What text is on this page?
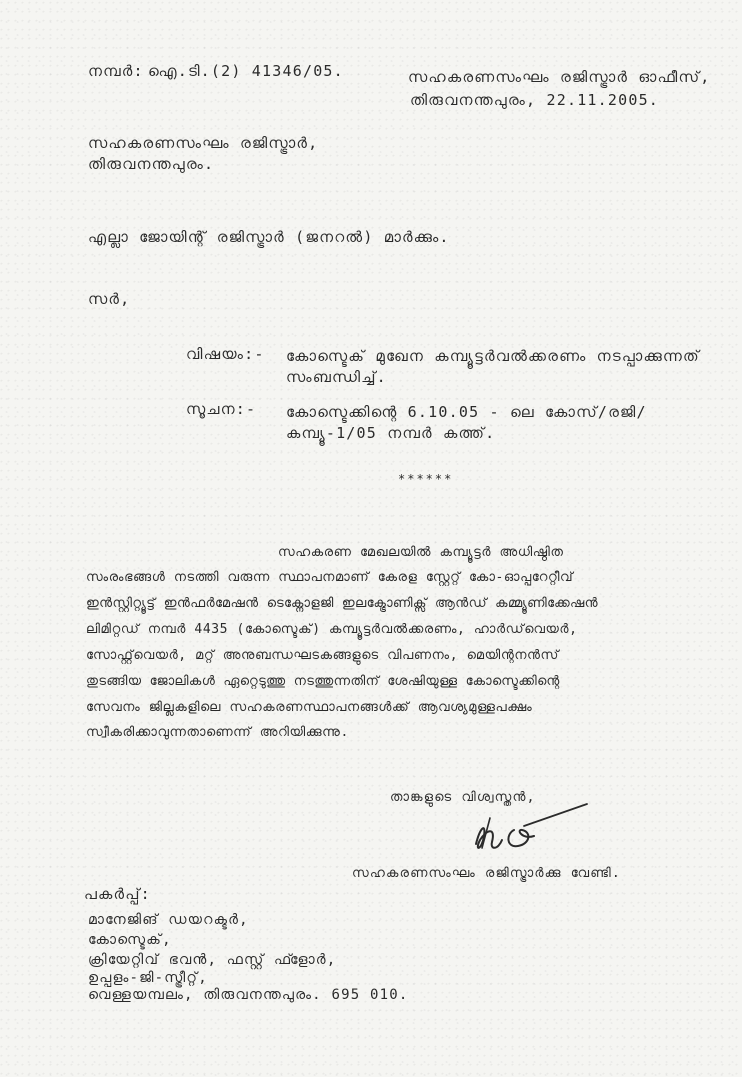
നമ്പർ: ഐ.ടി.(2) 41346/05.	സഹകരണസംഘം രജിസ്ട്രാർ ഓഫീസ്,
തിരുവനന്തപുരം, 22.11.2005.
സഹകരണസംഘം രജിസ്ട്രാർ,
തിരുവനന്തപുരം.
എല്ലാ ജോയിന്റ് രജിസ്ട്രാർ (ജനറൽ) മാർക്കും.
സർ,
വിഷയം:- കോസ്ടെക് മുഖേന കമ്പ്യൂട്ടർവൽക്കരണം നടപ്പാക്കുന്നത്
സംബന്ധിച്ച്.
സൂചന:- കോസ്ടെക്കിന്റെ 6.10.05 - ലെ കോസ്/രജി/
കമ്പ്യൂ-1/05 നമ്പർ കത്ത്.
******
സഹകരണ മേഖലയിൽ കമ്പ്യൂട്ടർ അധിഷ്ഠിത
സംരംഭങ്ങൾ നടത്തി വരുന്ന സ്ഥാപനമാണ് കേരള സ്റ്റേറ്റ് കോ-ഓപ്പറേറ്റീവ്
ഇൻസ്റ്റിറ്റ്യൂട്ട് ഇൻഫർമേഷൻ ടെക്നോളജി ഇലക്ട്രോണിക്സ് ആൻഡ് കമ്മ്യൂണിക്കേഷൻ
ലിമിറ്റഡ് നമ്പർ 4435 (കോസ്ടെക്) കമ്പ്യൂട്ടർവൽക്കരണം, ഹാർഡ്‌വെയർ,
സോഫ്റ്റ്‌വെയർ, മറ്റ് അനുബന്ധഘടകങ്ങളുടെ വിപണനം, മെയിന്റനൻസ്
തുടങ്ങിയ ജോലികൾ ഏറ്റെടുത്തു നടത്തുന്നതിന് ശേഷിയുള്ള കോസ്ടെക്കിന്റെ
സേവനം ജില്ലകളിലെ സഹകരണസ്ഥാപനങ്ങൾക്ക് ആവശ്യമുള്ളപക്ഷം
സ്വീകരിക്കാവുന്നതാണെന്ന് അറിയിക്കുന്നു.
താങ്കളുടെ വിശ്വസ്തൻ,
സഹകരണസംഘം രജിസ്ട്രാർക്കു വേണ്ടി.
പകർപ്പ്:
മാനേജിങ് ഡയറക്ടർ,
കോസ്ടെക്,
ക്രിയേറ്റിവ് ഭവൻ, ഫസ്റ്റ് ഫ്ളോർ,
ഉപ്പളം-ജി-സ്ട്രീറ്റ്,
വെള്ളയമ്പലം, തിരുവനന്തപുരം. 695 010.
